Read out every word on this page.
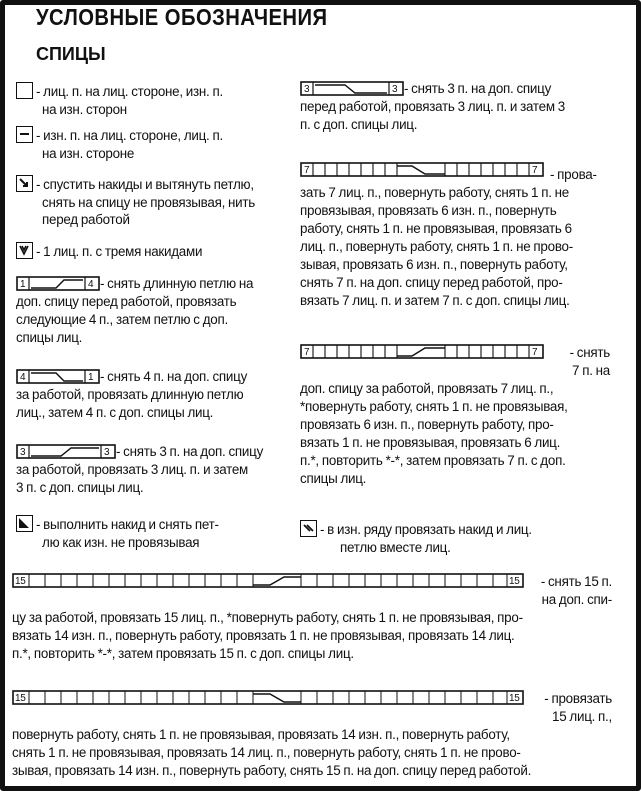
УСЛОВНЫЕ ОБОЗНАЧЕНИЯ
СПИЦЫ
- лиц. п. на лиц. стороне, изн. п.
на изн. сторон
- изн. п. на лиц. стороне, лиц. п.
на изн. стороне
- спустить накиды и вытянуть петлю,
снять на спицу не провязывая, нить
перед работой
- 1 лиц. п. с тремя накидами
1	4 - снять длинную петлю на
доп. спицу перед работой, провязать
следующие 4 п., затем петлю с доп.
спицы лиц.
4	1 - снять 4 п. на доп. спицу
за работой, провязать длинную петлю
лиц., затем 4 п. с доп. спицы лиц.
3	3 - снять 3 п. на доп. спицу
за работой, провязать 3 лиц. п. и затем
3 п. с доп. спицы лиц.
- выполнить накид и снять пет-
лю как изн. не провязывая
3	3 - снять 3 п. на доп. спицу
перед работой, провязать 3 лиц. п. и затем 3
п. с доп. спицы лиц.
7	7 - прова-
зать 7 лиц. п., повернуть работу, снять 1 п. не
провязывая, провязать 6 изн. п., повернуть
работу, снять 1 п. не провязывая, провязать 6
лиц. п., повернуть работу, снять 1 п. не прово-
зывая, провязать 6 изн. п., повернуть работу,
снять 7 п. на доп. спицу перед работой, про-
вязать 7 лиц. п. и затем 7 п. с доп. спицы лиц.
7	7	- снять
7 п. на
доп. спицу за работой, провязать 7 лиц. п.,
*повернуть работу, снять 1 п. не провязывая,
провязать 6 изн. п., повернуть работу, про-
вязать 1 п. не провязывая, провязать 6 лиц.
п.*, повторить *-*, затем провязать 7 п. с доп.
спицы лиц.
- в изн. ряду провязать накид и лиц.
петлю вместе лиц.
15	15	- снять 15 п.
на доп. спи-
цу за работой, провязать 15 лиц. п., *повернуть работу, снять 1 п. не провязывая, про-
вязать 14 изн. п., повернуть работу, провязать 1 п. не провязывая, провязать 14 лиц.
п.*, повторить *-*, затем провязать 15 п. с доп. спицы лиц.
15	15	- провязать
15 лиц. п.,
повернуть работу, снять 1 п. не провязывая, провязать 14 изн. п., повернуть работу,
снять 1 п. не провязывая, провязать 14 лиц. п., повернуть работу, снять 1 п. не прово-
зывая, провязать 14 изн. п., повернуть работу, снять 15 п. на доп. спицу перед работой.
